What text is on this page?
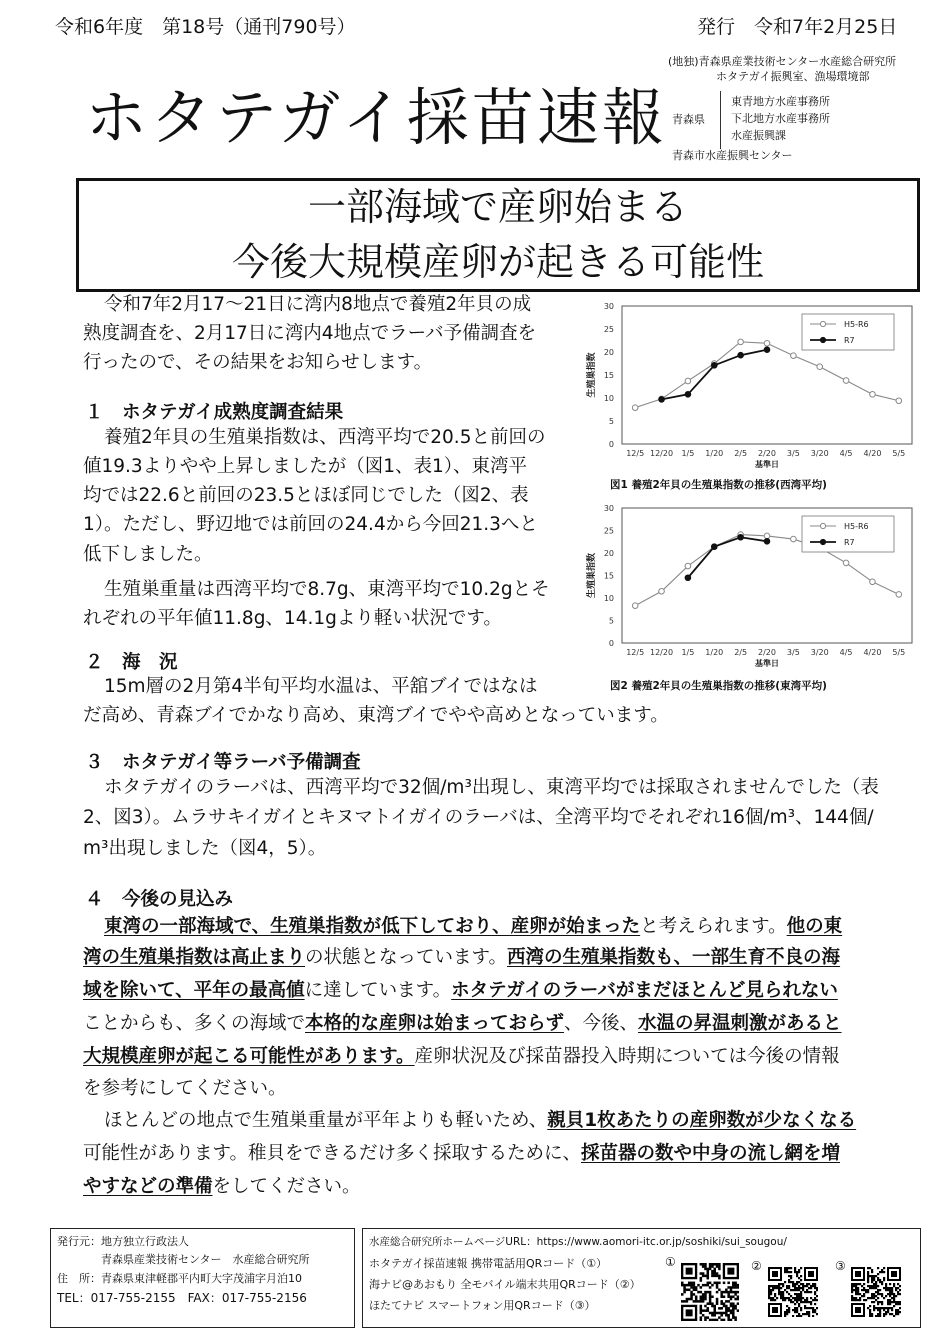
令和6年度　第18号（通刊790号）	発行　令和7年2月25日
ホタテガイ採苗速報
(地独)青森県産業技術センター水産総合研究所
ホタテガイ振興室、漁場環境部
青森県
東青地方水産事務所
下北地方水産事務所
水産振興課
青森市水産振興センター
一部海域で産卵始まる
今後大規模産卵が起きる可能性
令和7年2月17～21日に湾内8地点で養殖2年貝の成
熟度調査を、2月17日に湾内4地点でラーバ予備調査を
行ったので、その結果をお知らせします。
１　ホタテガイ成熟度調査結果
養殖2年貝の生殖巣指数は、西湾平均で20.5と前回の
値19.3よりやや上昇しましたが（図1、表1）、東湾平
均では22.6と前回の23.5とほぼ同じでした（図2、表
1）。ただし、野辺地では前回の24.4から今回21.3へと
低下しました。
生殖巣重量は西湾平均で8.7g、東湾平均で10.2gとそ
れぞれの平年値11.8g、14.1gより軽い状況です。
２　海　況
15m層の2月第4半旬平均水温は、平舘ブイではなは
だ高め、青森ブイでかなり高め、東湾ブイでやや高めとなっています。
３　ホタテガイ等ラーバ予備調査
ホタテガイのラーバは、西湾平均で32個/m³出現し、東湾平均では採取されませんでした（表
2、図3）。ムラサキイガイとキヌマトイガイのラーバは、全湾平均でそれぞれ16個/m³、144個/
m³出現しました（図4，5）。
４　今後の見込み
東湾の一部海域で、生殖巣指数が低下しており、産卵が始まったと考えられます。他の東
湾の生殖巣指数は高止まりの状態となっています。西湾の生殖巣指数も、一部生育不良の海
域を除いて、平年の最高値に達しています。ホタテガイのラーバがまだほとんど見られない
ことからも、多くの海域で本格的な産卵は始まっておらず、今後、水温の昇温刺激があると
大規模産卵が起こる可能性があります。産卵状況及び採苗器投入時期については今後の情報
を参考にしてください。
ほとんどの地点で生殖巣重量が平年よりも軽いため、親貝1枚あたりの産卵数が少なくなる
可能性があります。稚貝をできるだけ多く採取するために、採苗器の数や中身の流し網を増
やすなどの準備をしてください。
0
5
10
15
20
25
30
12/5 12/20 1/5 1/20 2/5 2/20 3/5 3/20 4/5 4/20 5/5
基準日
生殖巣指数
H5-R6
R7
図1 養殖2年貝の生殖巣指数の推移(西湾平均)
0
5
10
15
20
25
30
12/5 12/20 1/5 1/20 2/5 2/20 3/5 3/20 4/5 4/20 5/5
基準日
生殖巣指数
H5-R6
R7
図2 養殖2年貝の生殖巣指数の推移(東湾平均)
発行元：地方独立行政法人
青森県産業技術センター　水産総合研究所
住　所：青森県東津軽郡平内町大字茂浦字月泊10
TEL：017-755-2155　FAX：017-755-2156
水産総合研究所ホームページURL：https://www.aomori-itc.or.jp/soshiki/sui_sougou/
ホタテガイ採苗速報 携帯電話用QRコード（①）
海ナビ@あおもり 全モバイル端末共用QRコード（②）
ほたてナビ スマートフォン用QRコード（③）
①	②	③
